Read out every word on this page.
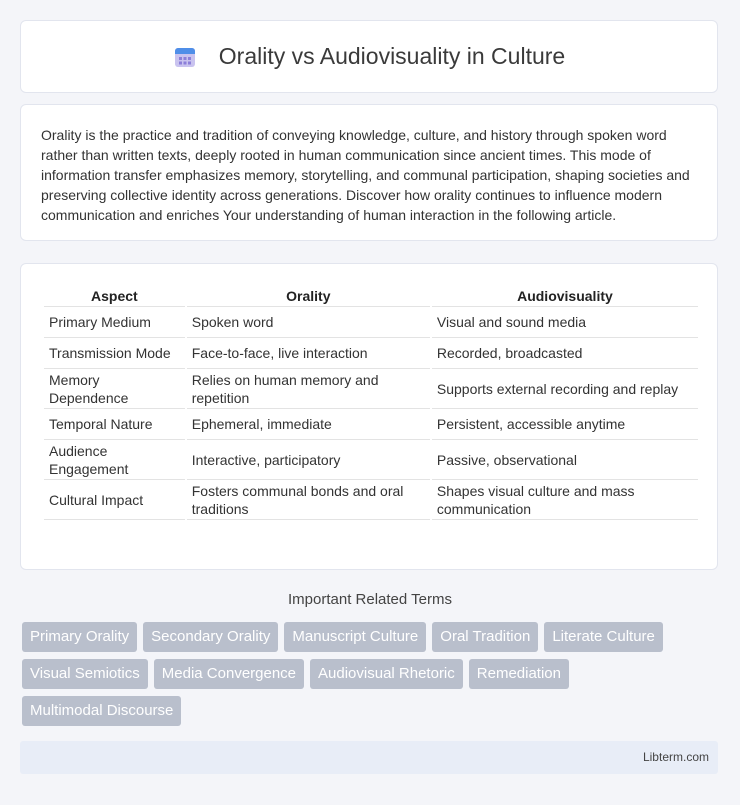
Orality vs Audiovisuality in Culture

Orality is the practice and tradition of conveying knowledge, culture, and history through spoken word rather than written texts, deeply rooted in human communication since ancient times. This mode of information transfer emphasizes memory, storytelling, and communal participation, shaping societies and preserving collective identity across generations. Discover how orality continues to influence modern communication and enriches Your understanding of human interaction in the following article.

Aspect	Orality	Audiovisuality
Primary Medium	Spoken word	Visual and sound media
Transmission Mode	Face-to-face, live interaction	Recorded, broadcasted
Memory Dependence	Relies on human memory and repetition	Supports external recording and replay
Temporal Nature	Ephemeral, immediate	Persistent, accessible anytime
Audience Engagement	Interactive, participatory	Passive, observational
Cultural Impact	Fosters communal bonds and oral traditions	Shapes visual culture and mass communication
Important Related Terms
Primary Orality	Secondary Orality	Manuscript Culture	Oral Tradition	Literate Culture
Visual Semiotics	Media Convergence	Audiovisual Rhetoric	Remediation
Multimodal Discourse
Libterm.com
